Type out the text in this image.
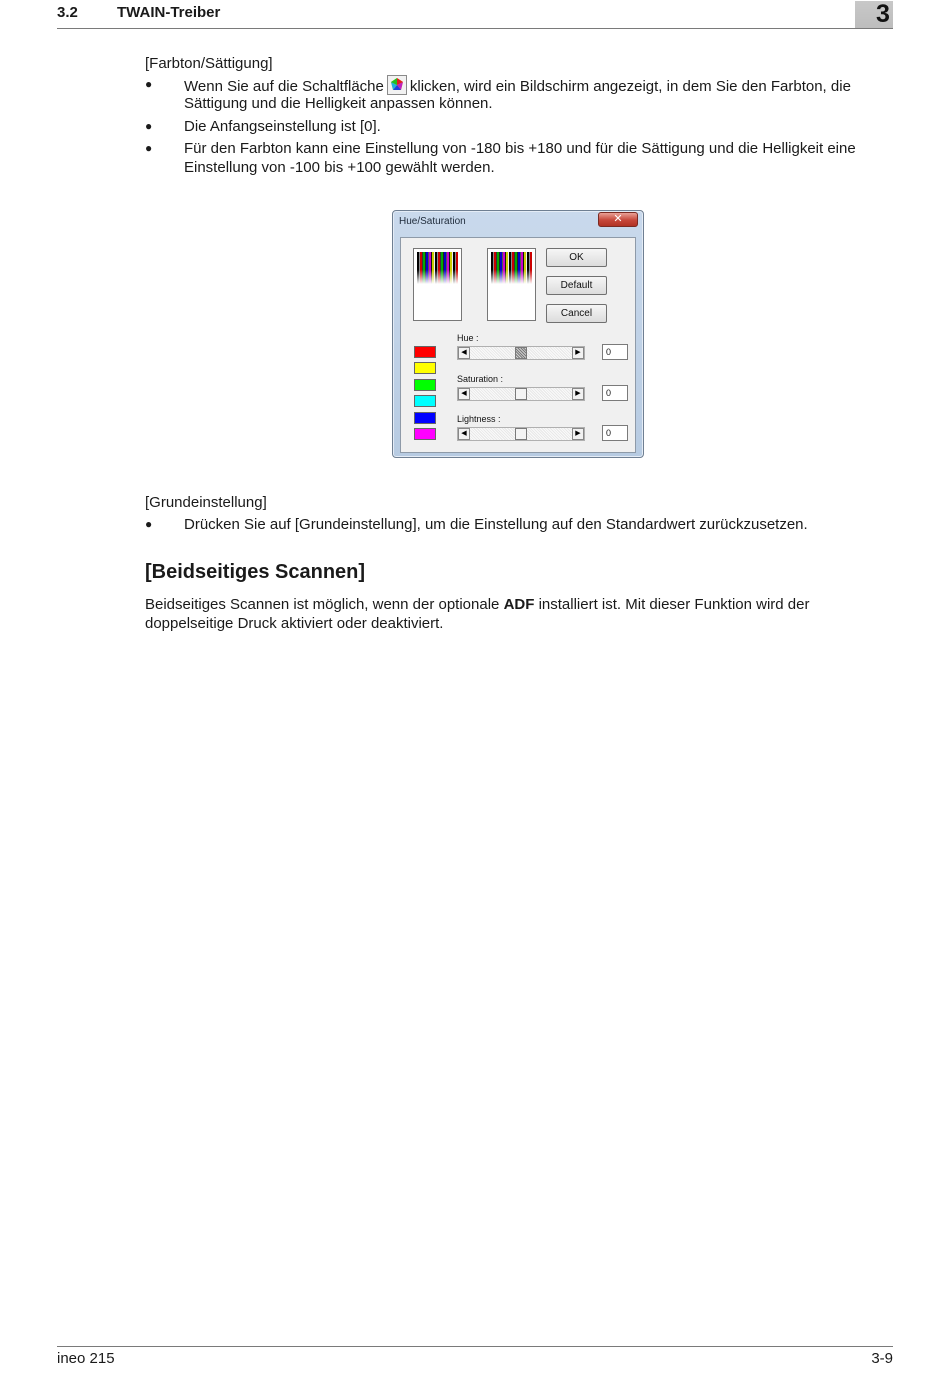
3.2	TWAIN-Treiber	3
[Farbton/Sättigung]
● Wenn Sie auf die Schaltfläche klicken, wird ein Bildschirm angezeigt, in dem Sie den Farbton, die
Sättigung und die Helligkeit anpassen können.
● Die Anfangseinstellung ist [0].
● Für den Farbton kann eine Einstellung von -180 bis +180 und für die Sättigung und die Helligkeit eine
Einstellung von -100 bis +100 gewählt werden.
Hue/Saturation	✕
OK
Default
Cancel
Hue :
◀	▶	0
Saturation :
◀	▶	0
Lightness :
◀	▶	0
[Grundeinstellung]
● Drücken Sie auf [Grundeinstellung], um die Einstellung auf den Standardwert zurückzusetzen.
[Beidseitiges Scannen]
Beidseitiges Scannen ist möglich, wenn der optionale ADF installiert ist. Mit dieser Funktion wird der
doppelseitige Druck aktiviert oder deaktiviert.
ineo 215	3-9
